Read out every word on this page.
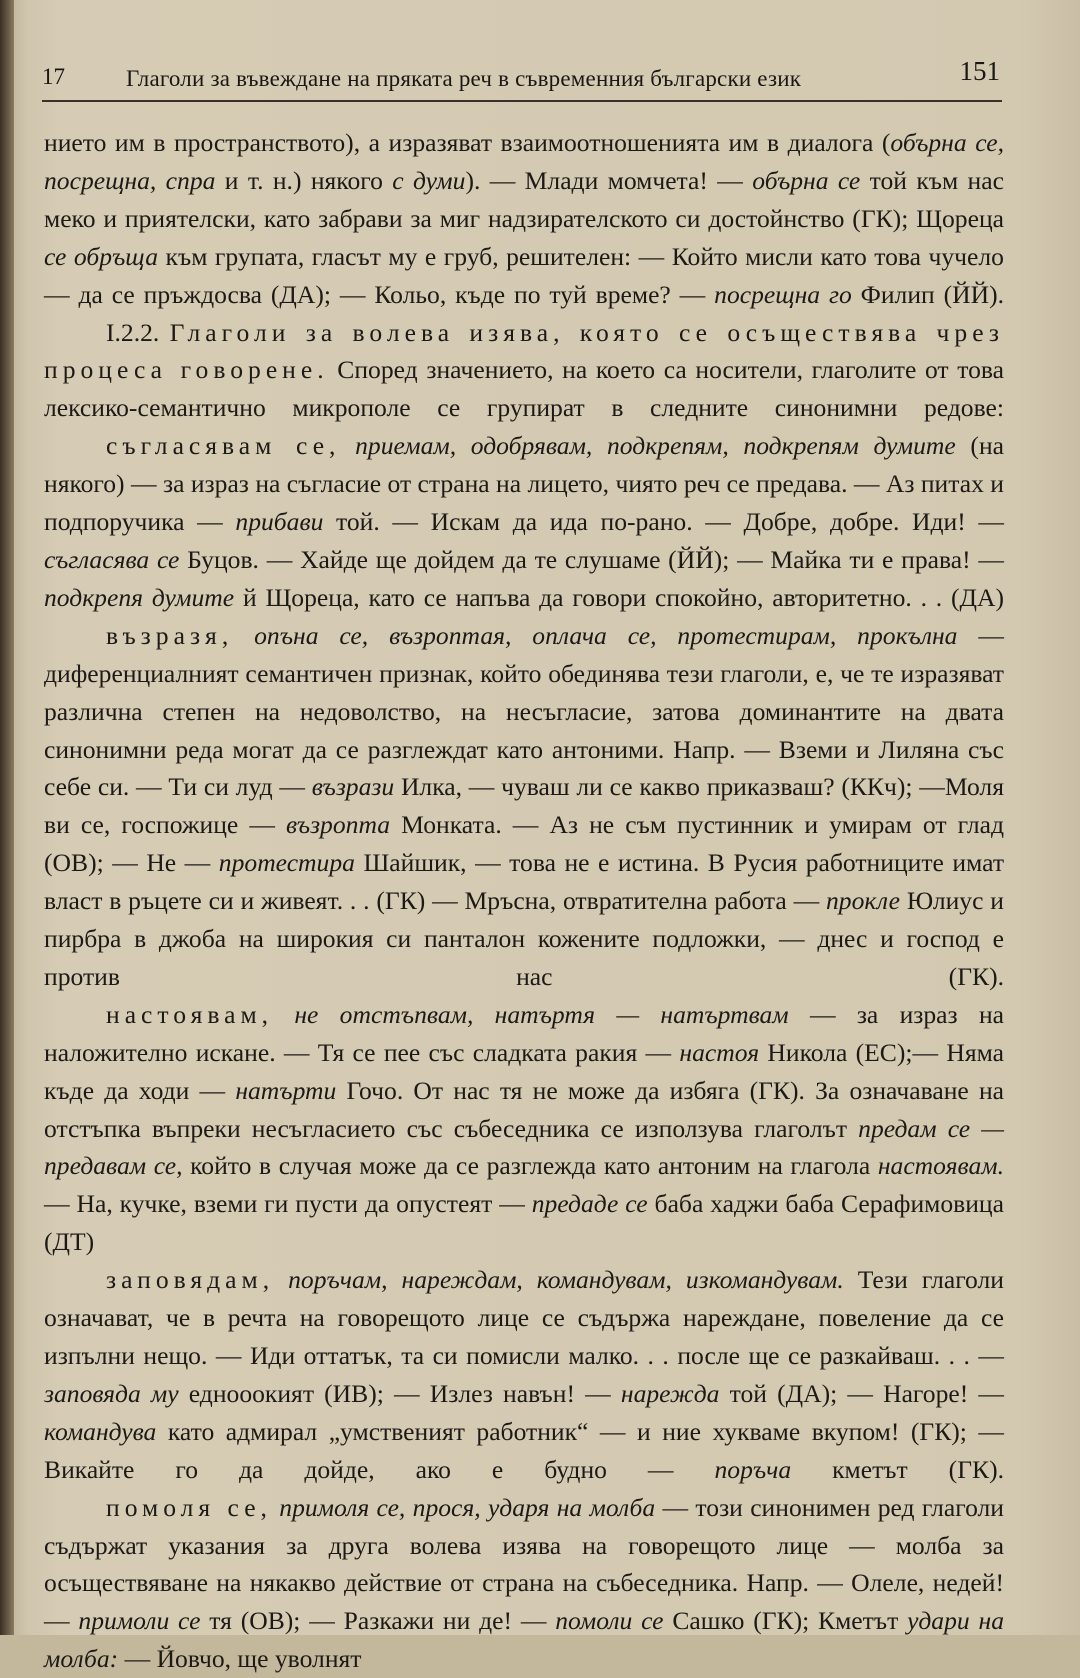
17	Глаголи за въвеждане на пряката реч в съвременния български език	151

нието им в пространството), а изразяват взаимоотношенията им в диалога (обърна се, посрещна, спра и т. н.) някого с думи). — Млади момчета! — обърна се той към нас меко и приятелски, като забрави за миг надзирателското си достойнство (ГК); Щореца се обръща към групата, гласът му е груб, решителен: — Който мисли като това чучело — да се пръждосва (ДА); — Кольо, къде по туй време? — посрещна го Филип (ЙЙ).

I.2.2. Глаголи за волева изява, която се осъществява чрез процеса говорене. Според значението, на което са носители, глаголите от това лексико-семантично микрополе се групират в следните синонимни редове:

съгласявам се, приемам, одобрявам, подкрепям, подкрепям думите (на някого) — за израз на съгласие от страна на лицето, чиято реч се предава. — Аз питах и подпоручика — прибави той. — Искам да ида по-рано. — Добре, добре. Иди! — съгласява се Буцов. — Хайде ще дойдем да те слушаме (ЙЙ); — Майка ти е права! — подкрепя думите й Щореца, като се напъва да говори спокойно, авторитетно. . . (ДА)

възразя, опъна се, възроптая, оплача се, протестирам, прокълна — диференциалният семантичен признак, който обединява тези глаголи, е, че те изразяват различна степен на недоволство, на несъгласие, затова доминантите на двата синонимни реда могат да се разглеждат като антоними. Напр. — Вземи и Лиляна със себе си. — Ти си луд — възрази Илка, — чуваш ли се какво приказваш? (ККч); —Моля ви се, госпожице — възропта Монката. — Аз не съм пустинник и умирам от глад (ОВ); — Не — протестира Шайшик, — това не е истина. В Русия работниците имат власт в ръцете си и живеят. . . (ГК) — Мръсна, отвратителна работа — прокле Юлиус и пирбра в джоба на широкия си панталон кожените подложки, — днес и господ е против нас (ГК).

настоявам, не отстъпвам, натъртя — натъртвам — за израз на наложително искане. — Тя се пее със сладката ракия — настоя Никола (ЕС);— Няма къде да ходи — натърти Гочо. От нас тя не може да избяга (ГК). За означаване на отстъпка въпреки несъгласието със събеседника се използува глаголът предам се — предавам се, който в случая може да се разглежда като антоним на глагола настоявам. — На, кучке, вземи ги пусти да опустеят — предаде се баба хаджи баба Серафимовица (ДТ)

заповядам, поръчам, нареждам, командувам, изкомандувам. Тези глаголи означават, че в речта на говорещото лице се съдържа нареждане, повеление да се изпълни нещо. — Иди оттатък, та си помисли малко. . . после ще се разкайваш. . . — заповяда му еднооокият (ИВ); — Излез навън! — нарежда той (ДА); — Нагоре! — командува като адмирал „умственият работник“ — и ние хукваме вкупом! (ГК); — Викайте го да дойде, ако е будно — поръча кметът (ГК).

помоля се, примоля се, прося, ударя на молба — този синонимен ред глаголи съдържат указания за друга волева изява на говорещото лице — молба за осъществяване на някакво действие от страна на събеседника. Напр. — Олеле, недей! — примоли се тя (ОВ); — Разкажи ни де! — помоли се Сашко (ГК); Кметът удари на молба: — Йовчо, ще уволнят
